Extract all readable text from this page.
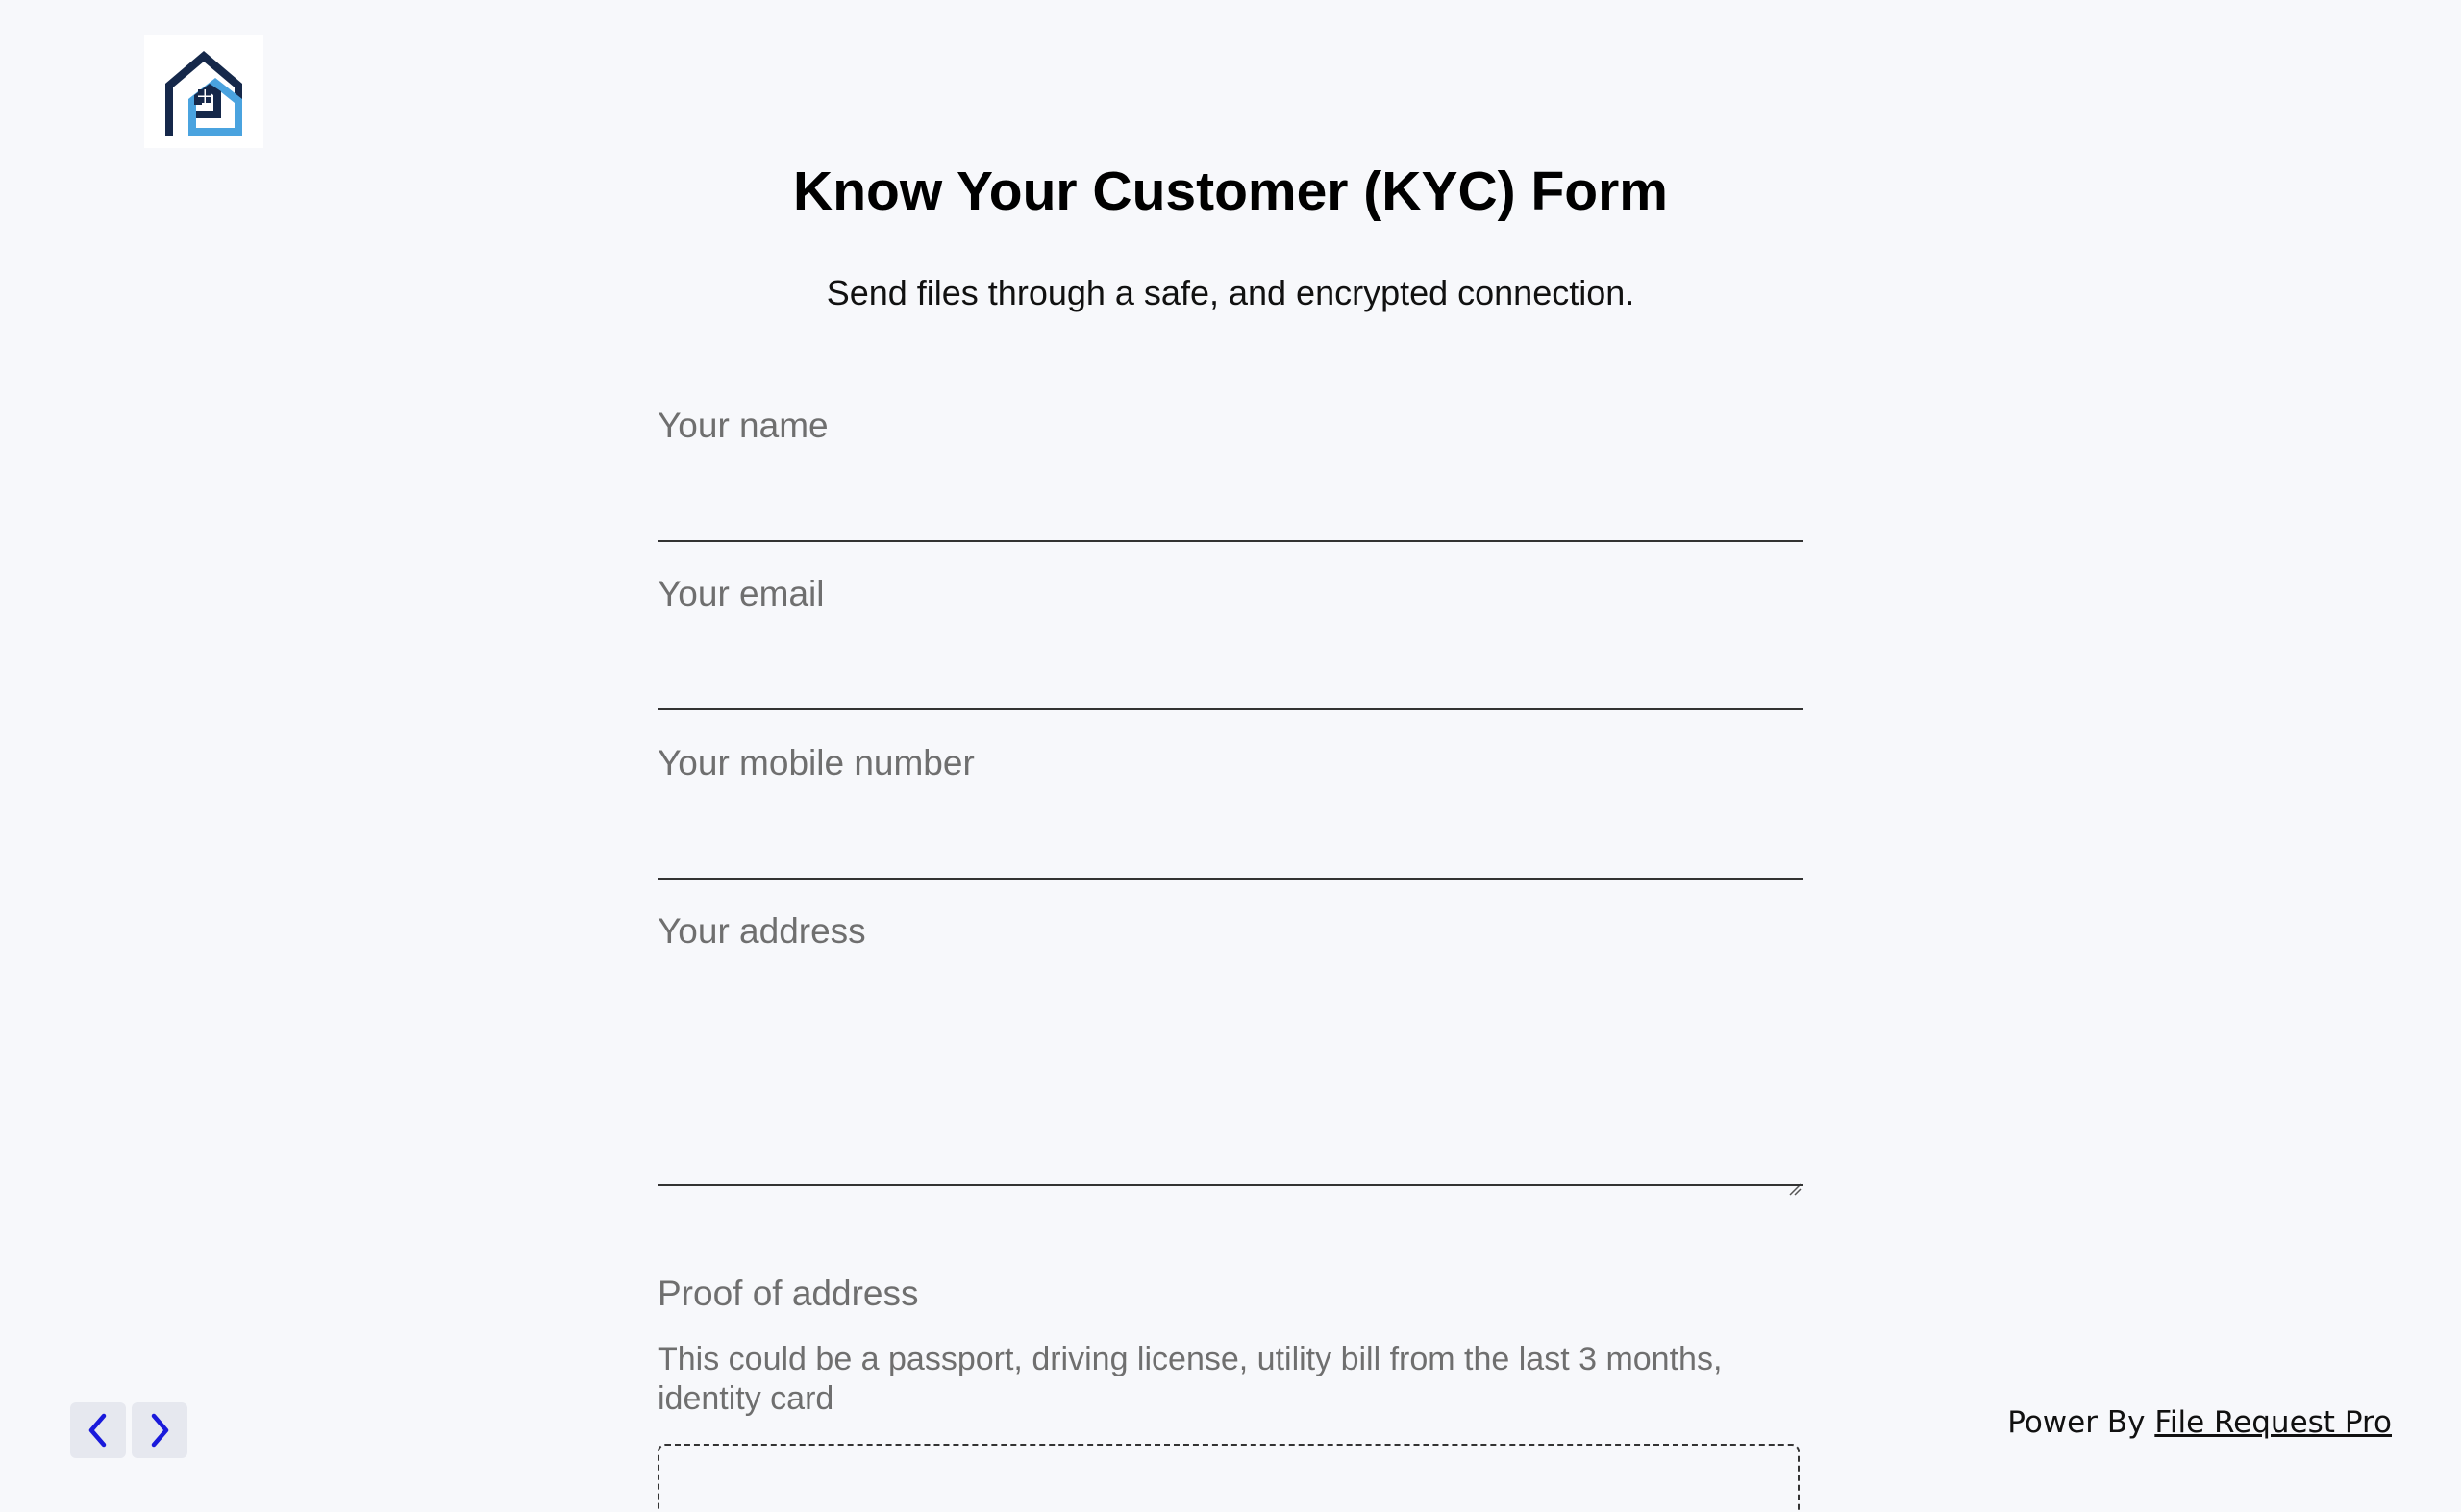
Know Your Customer (KYC) Form

Send files through a safe, and encrypted connection.

Your name
Your email
Your mobile number
Your address
Proof of address
This could be a passport, driving license, utility bill from the last 3 months, identity card
Power By File Request Pro
